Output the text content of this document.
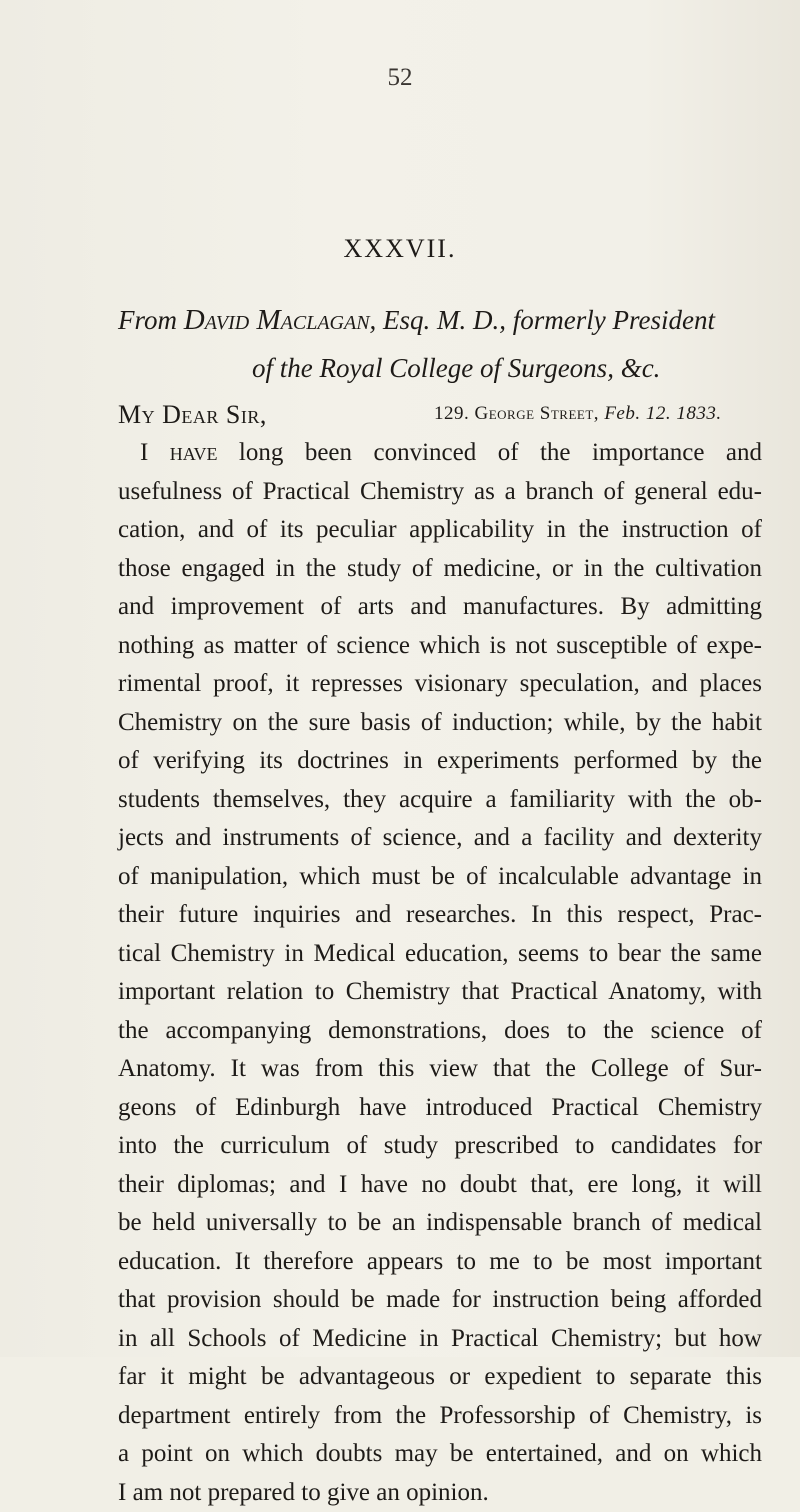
52
XXXVII.
From David Maclagan, Esq. M. D., formerly President
of the Royal College of Surgeons, &c.
My Dear Sir,	129. George Street, Feb. 12. 1833.
I have long been convinced of the importance and
usefulness of Practical Chemistry as a branch of general edu-
cation, and of its peculiar applicability in the instruction of
those engaged in the study of medicine, or in the cultivation
and improvement of arts and manufactures. By admitting
nothing as matter of science which is not susceptible of expe-
rimental proof, it represses visionary speculation, and places
Chemistry on the sure basis of induction; while, by the habit
of verifying its doctrines in experiments performed by the
students themselves, they acquire a familiarity with the ob-
jects and instruments of science, and a facility and dexterity
of manipulation, which must be of incalculable advantage in
their future inquiries and researches. In this respect, Prac-
tical Chemistry in Medical education, seems to bear the same
important relation to Chemistry that Practical Anatomy, with
the accompanying demonstrations, does to the science of
Anatomy. It was from this view that the College of Sur-
geons of Edinburgh have introduced Practical Chemistry
into the curriculum of study prescribed to candidates for
their diplomas; and I have no doubt that, ere long, it will
be held universally to be an indispensable branch of medical
education. It therefore appears to me to be most important
that provision should be made for instruction being afforded
in all Schools of Medicine in Practical Chemistry; but how
far it might be advantageous or expedient to separate this
department entirely from the Professorship of Chemistry, is
a point on which doubts may be entertained, and on which
I am not prepared to give an opinion.
